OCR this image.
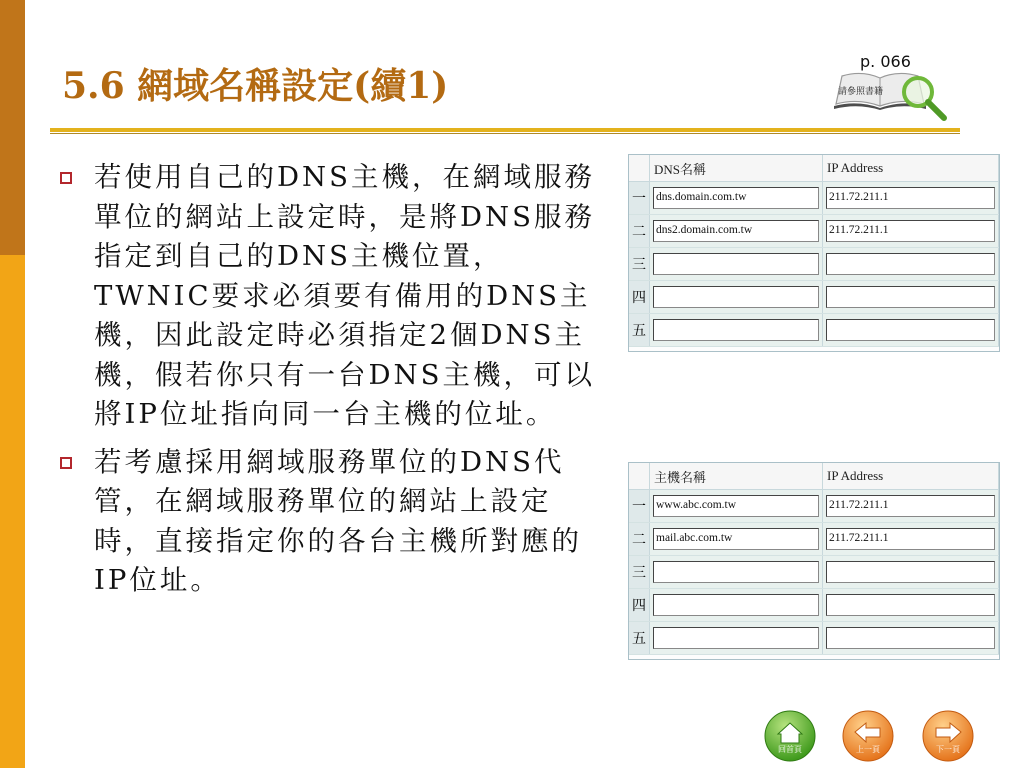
5.6 網域名稱設定(續1)	請參照書籍
p. 066
若使用自己的DNS主機，在網域服務單位的網站上設定時，是將DNS服務指定到自己的DNS主機位置，TWNIC要求必須要有備用的DNS主機，因此設定時必須指定2個DNS主機，假若你只有一台DNS主機，可以將IP位址指向同一台主機的位址。
若考慮採用網域服務單位的DNS代管，在網域服務單位的網站上設定時，直接指定你的各台主機所對應的IP位址。
	DNS名稱	IP Address
一	dns.domain.com.tw	211.72.211.1

二	dns2.domain.com.tw	211.72.211.1

三	

四	

五	

	主機名稱	IP Address
一	www.abc.com.tw	211.72.211.1

二	mail.abc.com.tw	211.72.211.1

三	

四	

五	

回首頁	上一頁	下一頁
